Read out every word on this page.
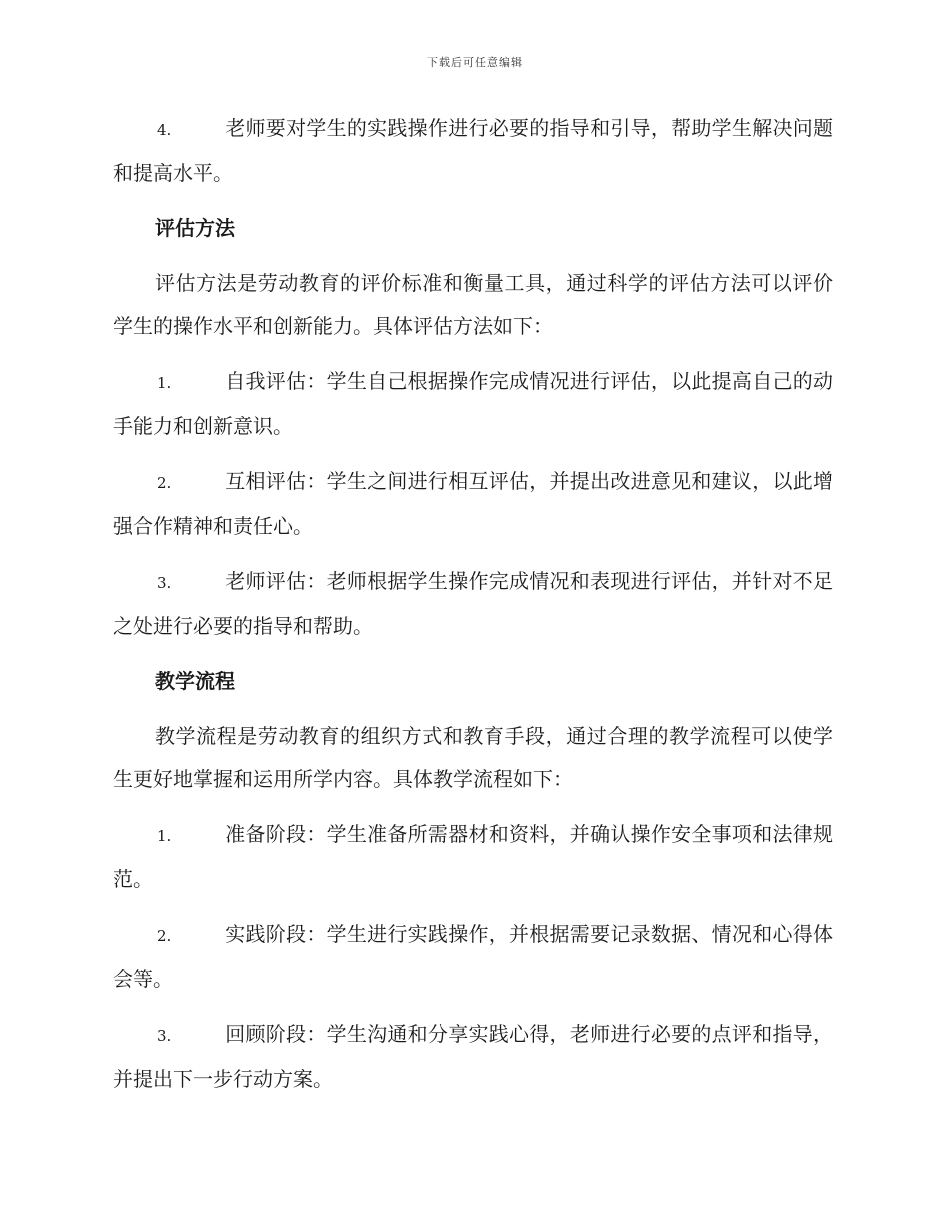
下载后可任意编辑

4.	老师要对学生的实践操作进行必要的指导和引导，帮助学生解决问题和提高水平。

评估方法

评估方法是劳动教育的评价标准和衡量工具，通过科学的评估方法可以评价学生的操作水平和创新能力。具体评估方法如下：

1.	自我评估：学生自己根据操作完成情况进行评估，以此提高自己的动手能力和创新意识。

2.	互相评估：学生之间进行相互评估，并提出改进意见和建议，以此增强合作精神和责任心。

3.	老师评估：老师根据学生操作完成情况和表现进行评估，并针对不足之处进行必要的指导和帮助。

教学流程

教学流程是劳动教育的组织方式和教育手段，通过合理的教学流程可以使学生更好地掌握和运用所学内容。具体教学流程如下：

1.	准备阶段：学生准备所需器材和资料，并确认操作安全事项和法律规范。

2.	实践阶段：学生进行实践操作，并根据需要记录数据、情况和心得体会等。

3.	回顾阶段：学生沟通和分享实践心得，老师进行必要的点评和指导，并提出下一步行动方案。
